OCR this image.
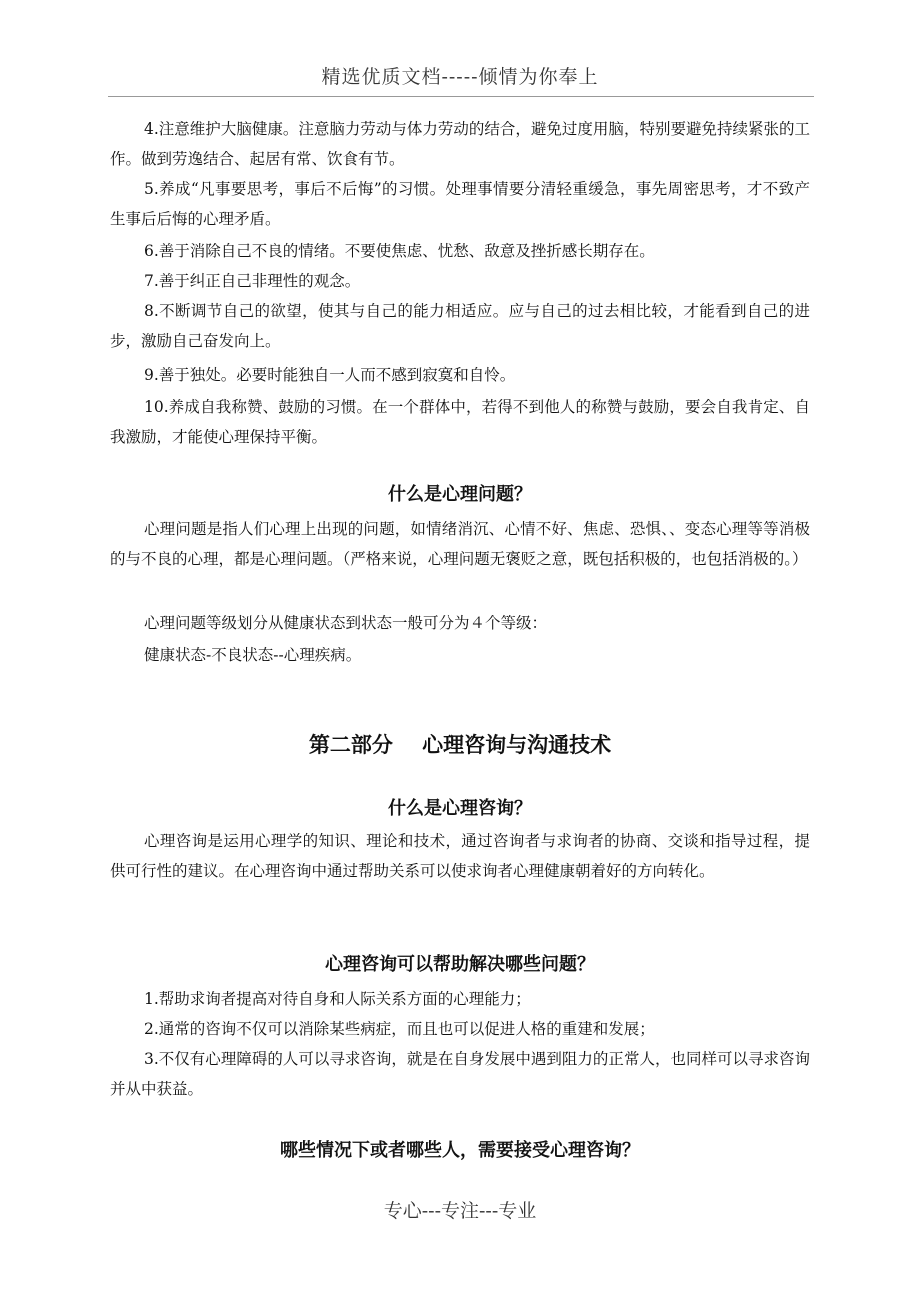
精选优质文档-----倾情为你奉上

4.注意维护大脑健康。注意脑力劳动与体力劳动的结合，避免过度用脑，特别要避免持续紧张的工作。做到劳逸结合、起居有常、饮食有节。

5.养成“凡事要思考，事后不后悔”的习惯。处理事情要分清轻重缓急，事先周密思考，才不致产生事后后悔的心理矛盾。

6.善于消除自己不良的情绪。不要使焦虑、忧愁、敌意及挫折感长期存在。

7.善于纠正自己非理性的观念。

8.不断调节自己的欲望，使其与自己的能力相适应。应与自己的过去相比较，才能看到自己的进步，激励自己奋发向上。

9.善于独处。必要时能独自一人而不感到寂寞和自怜。

10.养成自我称赞、鼓励的习惯。在一个群体中，若得不到他人的称赞与鼓励，要会自我肯定、自我激励，才能使心理保持平衡。

什么是心理问题？

心理问题是指人们心理上出现的问题，如情绪消沉、心情不好、焦虑、恐惧、、变态心理等等消极的与不良的心理，都是心理问题。（严格来说，心理问题无褒贬之意，既包括积极的，也包括消极的。）

心理问题等级划分从健康状态到状态一般可分为４个等级：

健康状态-不良状态--心理疾病。

第二部分    心理咨询与沟通技术
什么是心理咨询？

心理咨询是运用心理学的知识、理论和技术，通过咨询者与求询者的协商、交谈和指导过程，提供可行性的建议。在心理咨询中通过帮助关系可以使求询者心理健康朝着好的方向转化。

心理咨询可以帮助解决哪些问题？

1.帮助求询者提高对待自身和人际关系方面的心理能力；

2.通常的咨询不仅可以消除某些病症，而且也可以促进人格的重建和发展；

3.不仅有心理障碍的人可以寻求咨询，就是在自身发展中遇到阻力的正常人，也同样可以寻求咨询并从中获益。

哪些情况下或者哪些人，需要接受心理咨询？
专心---专注---专业
